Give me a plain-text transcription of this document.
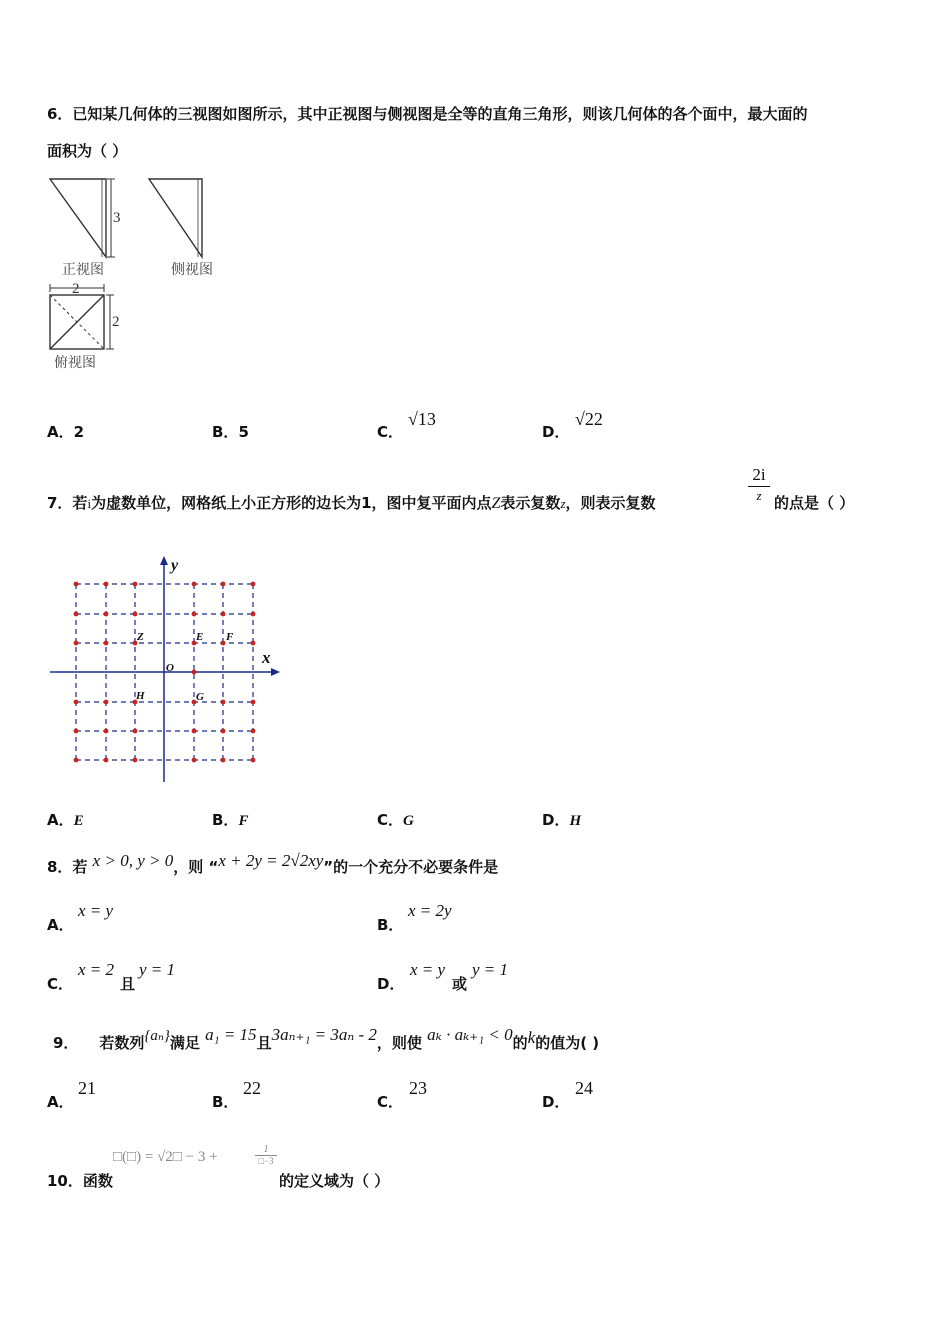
6．已知某几何体的三视图如图所示，其中正视图与侧视图是全等的直角三角形，则该几何体的各个面中，最大面的
面积为（ ）
3
正视图	侧视图
2
2
俯视图
A．2	B．5	C．
√13
D．
√22
7．若i为虚数单位，网格纸上小正方形的边长为1，图中复平面内点Z表示复数z，则表示复数
2i
z 的点是（ ）
y
x
O
Z	E F
H	G
A．E	B．F	C．G	D．H
8．若 x > 0, y > 0，则 “x + 2y = 2√2xy”的一个充分不必要条件是
A．
x = y
B．
x = 2y
C．
x = 2
且
y = 1
D．
x = y
或
y = 1
9． 若数列{aₙ}满足 a₁ = 15且3aₙ₊₁ = 3aₙ - 2，则使 aₖ · aₖ₊₁ < 0的k的值为( )
A．
21
B．
22
C．
23
D．
24
10．函数
□(□) = √2□ − 3 +	1
□−3
的定义域为（ ）
